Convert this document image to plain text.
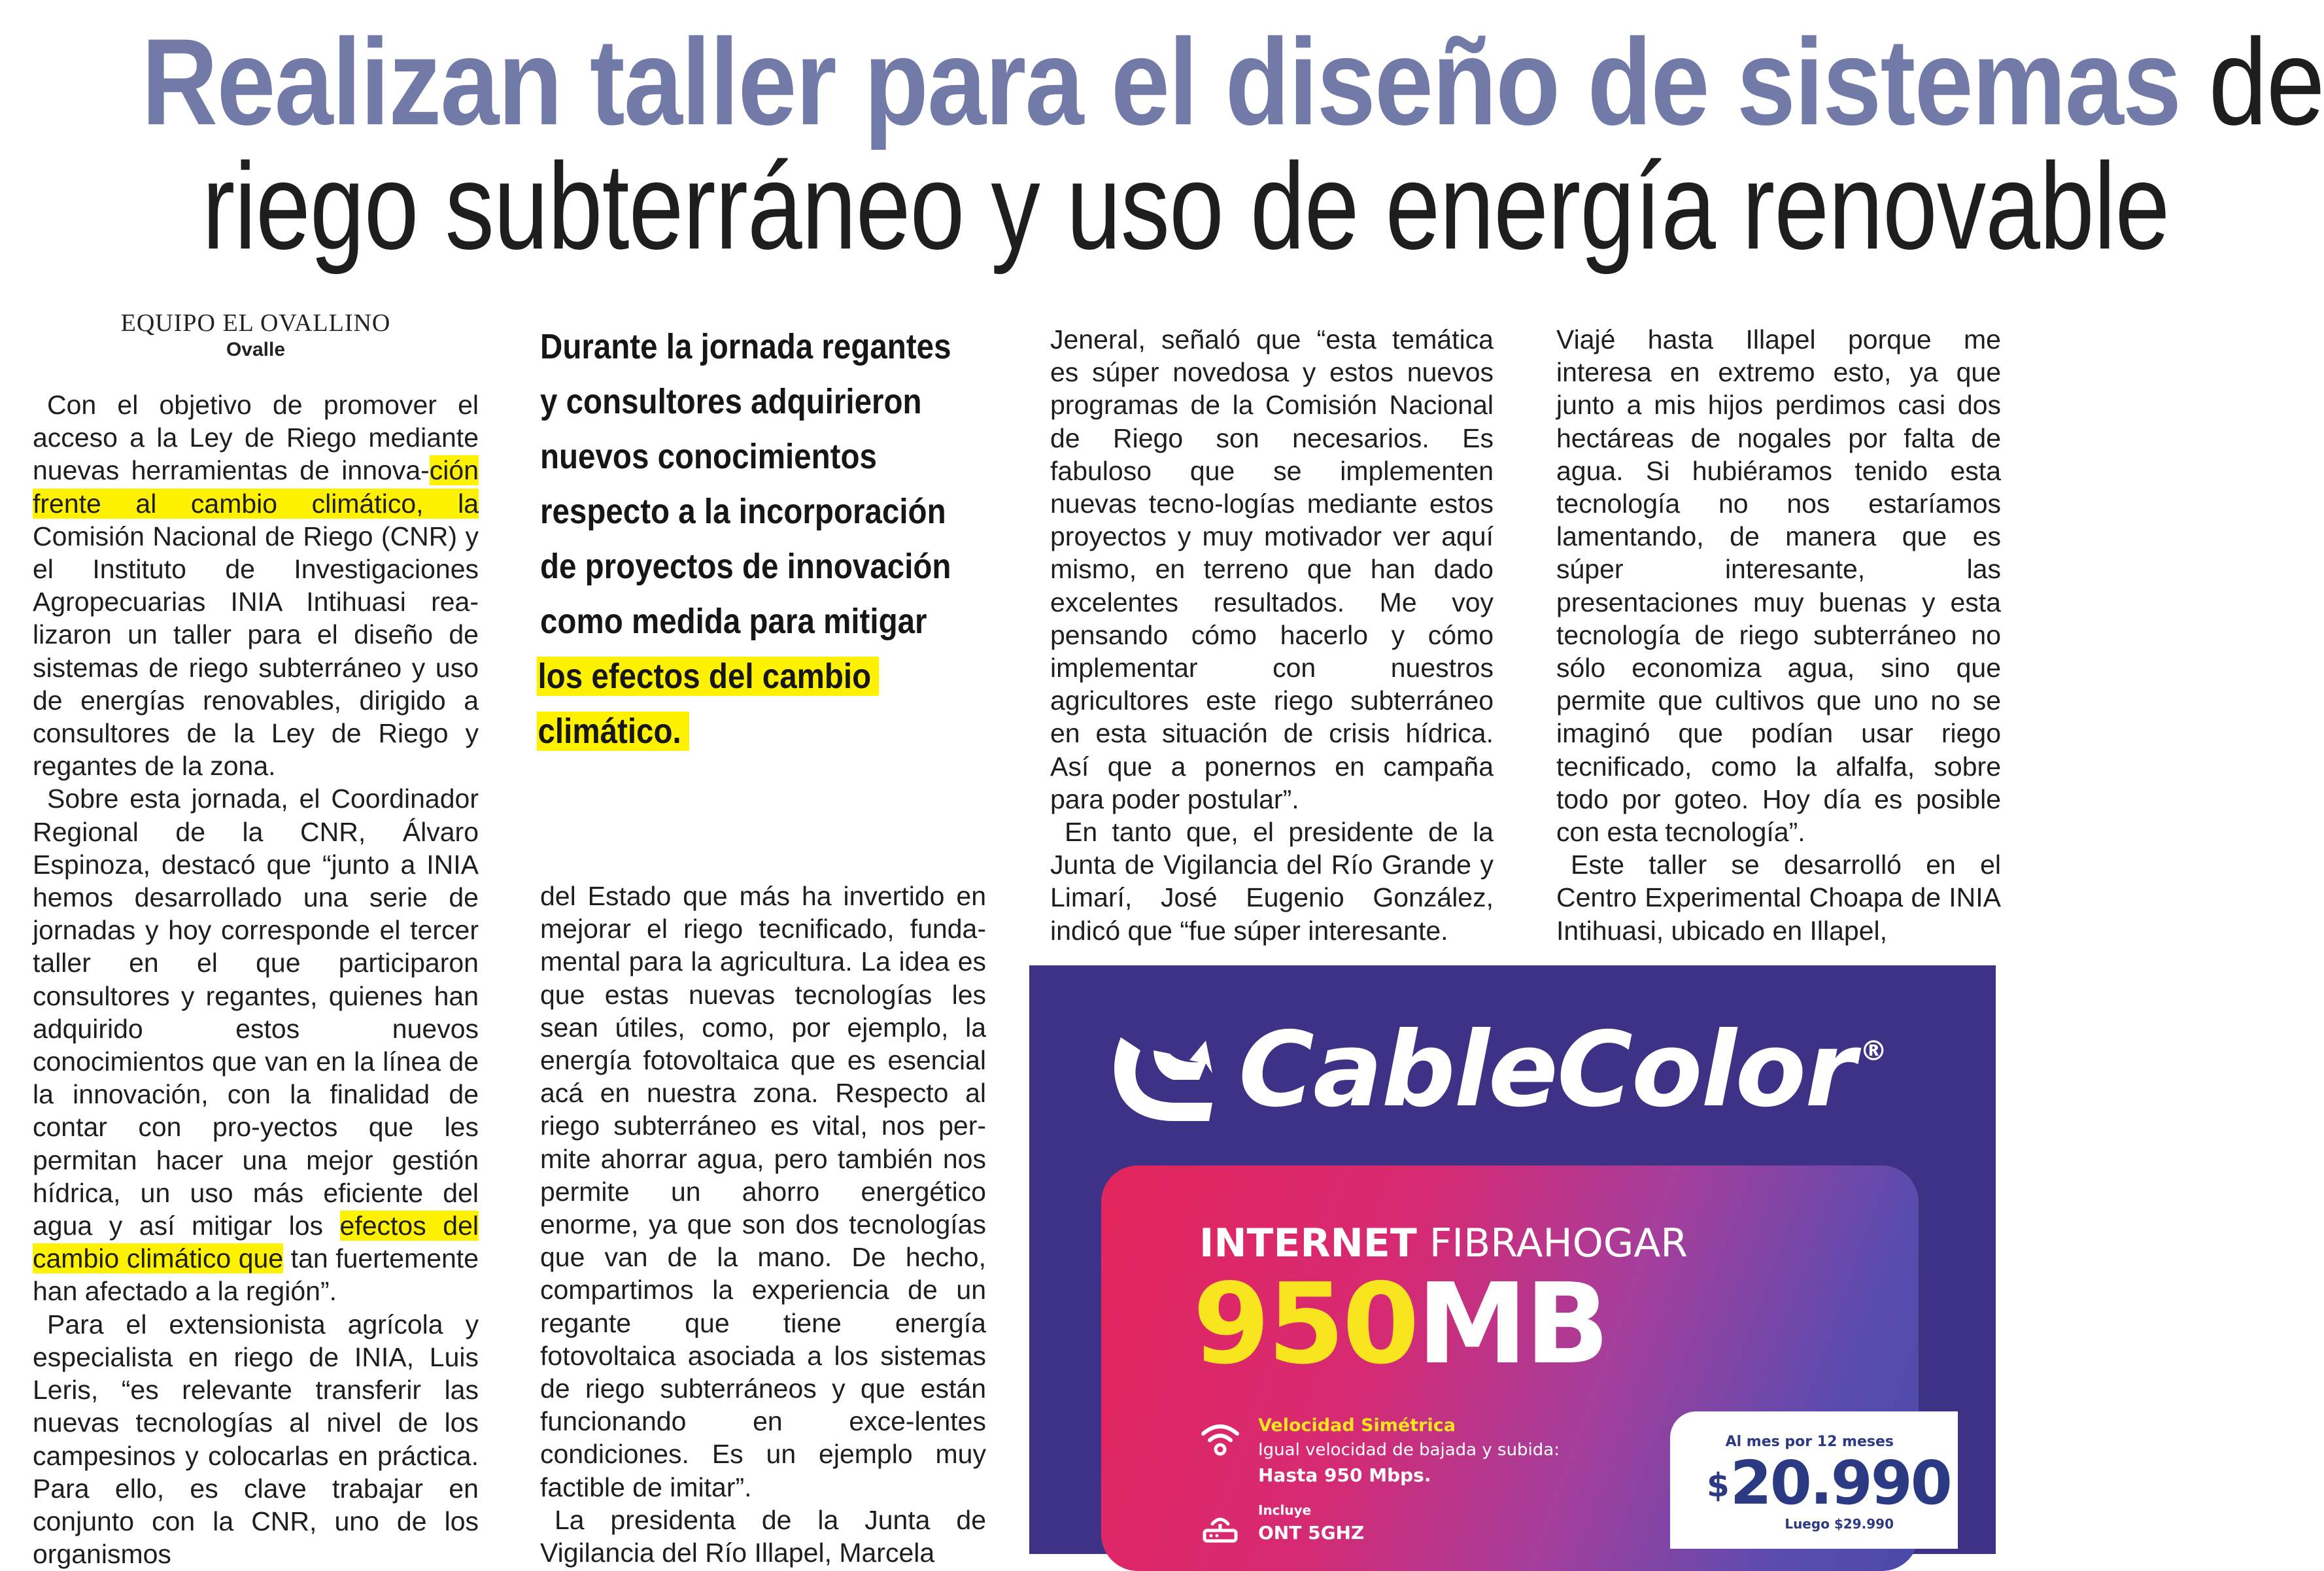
Realizan taller para el diseño de sistemas de
riego subterráneo y uso de energía renovable
EQUIPO EL OVALLINO
Ovalle	Durante la jornada regantes
y consultores adquirieron
nuevos conocimientos
respecto a la incorporación
de proyectos de innovación
como medida para mitigar
los efectos del cambio
climático.

Con el objetivo de promover el acceso a la Ley de Riego mediante nuevas herramientas de innova-ción frente al cambio climático, la Comisión Nacional de Riego (CNR) y el Instituto de Investigaciones Agropecuarias INIA Intihuasi rea-lizaron un taller para el diseño de sistemas de riego subterráneo y uso de energías renovables, dirigido a consultores de la Ley de Riego y regantes de la zona.

Sobre esta jornada, el Coordinador Regional de la CNR, Álvaro Espinoza, destacó que “junto a INIA hemos desarrollado una serie de jornadas y hoy corresponde el tercer taller en el que participaron consultores y regantes, quienes han adquirido estos nuevos conocimientos que van en la línea de la innovación, con la finalidad de contar con pro-yectos que les permitan hacer una mejor gestión hídrica, un uso más eficiente del agua y así mitigar los efectos del cambio climático que tan fuertemente han afectado a la región”.

Para el extensionista agrícola y especialista en riego de INIA, Luis Leris, “es relevante transferir las nuevas tecnologías al nivel de los campesinos y colocarlas en práctica. Para ello, es clave trabajar en conjunto con la CNR, uno de los organismos

del Estado que más ha invertido en mejorar el riego tecnificado, funda-mental para la agricultura. La idea es que estas nuevas tecnologías les sean útiles, como, por ejemplo, la energía fotovoltaica que es esencial acá en nuestra zona. Respecto al riego subterráneo es vital, nos per-mite ahorrar agua, pero también nos permite un ahorro energético enorme, ya que son dos tecnologías que van de la mano. De hecho, compartimos la experiencia de un regante que tiene energía fotovoltaica asociada a los sistemas de riego subterráneos y que están funcionando en exce-lentes condiciones. Es un ejemplo muy factible de imitar”.

La presidenta de la Junta de Vigilancia del Río Illapel, Marcela

Jeneral, señaló que “esta temática es súper novedosa y estos nuevos programas de la Comisión Nacional de Riego son necesarios. Es fabuloso que se implementen nuevas tecno-logías mediante estos proyectos y muy motivador ver aquí mismo, en terreno que han dado excelentes resultados. Me voy pensando cómo hacerlo y cómo implementar con nuestros agricultores este riego subterráneo en esta situación de crisis hídrica. Así que a ponernos en campaña para poder postular”.

En tanto que, el presidente de la Junta de Vigilancia del Río Grande y Limarí, José Eugenio González, indicó que “fue súper interesante.

Viajé hasta Illapel porque me interesa en extremo esto, ya que junto a mis hijos perdimos casi dos hectáreas de nogales por falta de agua. Si hubiéramos tenido esta tecnología no nos estaríamos lamentando, de manera que es súper interesante, las presentaciones muy buenas y esta tecnología de riego subterráneo no sólo economiza agua, sino que permite que cultivos que uno no se imaginó que podían usar riego tecnificado, como la alfalfa, sobre todo por goteo. Hoy día es posible con esta tecnología”.

Este taller se desarrolló en el Centro Experimental Choapa de INIA Intihuasi, ubicado en Illapel,

CableColor ®
INTERNET FIBRAHOGAR
950MB
Velocidad Simétrica
Igual velocidad de bajada y subida:
Hasta 950 Mbps.
Incluye
ONT 5GHZ
Al mes por 12 meses
$20.990
Luego $29.990
